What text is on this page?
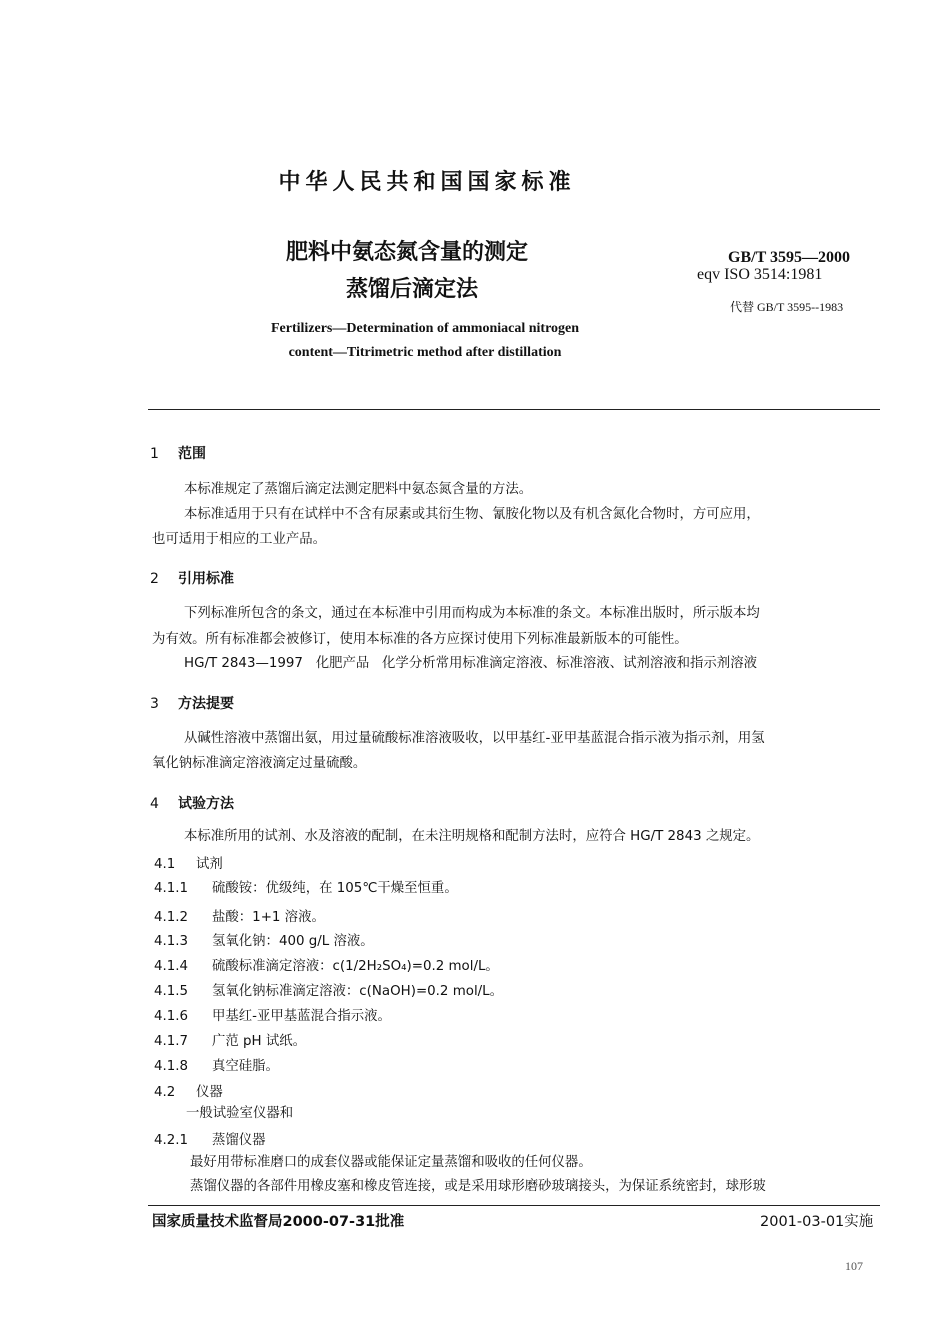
中华人民共和国国家标准
肥料中氨态氮含量的测定
蒸馏后滴定法
GB/T 3595—2000
eqv ISO 3514:1981
代替 GB/T 3595--1983
Fertilizers—Determination of ammoniacal nitrogen
content—Titrimetric method after distillation
1 范围
本标准规定了蒸馏后滴定法测定肥料中氨态氮含量的方法。
本标准适用于只有在试样中不含有尿素或其衍生物、氰胺化物以及有机含氮化合物时，方可应用，
也可适用于相应的工业产品。
2 引用标准
下列标准所包含的条文，通过在本标准中引用而构成为本标准的条文。本标准出版时，所示版本均
为有效。所有标准都会被修订，使用本标准的各方应探讨使用下列标准最新版本的可能性。
HG/T 2843—1997   化肥产品   化学分析常用标准滴定溶液、标准溶液、试剂溶液和指示剂溶液
3 方法提要
从碱性溶液中蒸馏出氨，用过量硫酸标准溶液吸收，以甲基红-亚甲基蓝混合指示液为指示剂，用氢
氧化钠标准滴定溶液滴定过量硫酸。
4 试验方法
本标准所用的试剂、水及溶液的配制，在未注明规格和配制方法时，应符合 HG/T 2843 之规定。
4.1 试剂
4.1.1 硫酸铵：优级纯，在 105℃干燥至恒重。
4.1.2 盐酸：1+1 溶液。
4.1.3 氢氧化钠：400 g/L 溶液。
4.1.4 硫酸标准滴定溶液：c(1/2H₂SO₄)=0.2 mol/L。
4.1.5 氢氧化钠标准滴定溶液：c(NaOH)=0.2 mol/L。
4.1.6 甲基红-亚甲基蓝混合指示液。
4.1.7 广范 pH 试纸。
4.1.8 真空硅脂。
4.2 仪器
一般试验室仪器和
4.2.1 蒸馏仪器
最好用带标准磨口的成套仪器或能保证定量蒸馏和吸收的任何仪器。
蒸馏仪器的各部件用橡皮塞和橡皮管连接，或是采用球形磨砂玻璃接头，为保证系统密封，球形玻
国家质量技术监督局2000-07-31批准	2001-03-01实施
107
